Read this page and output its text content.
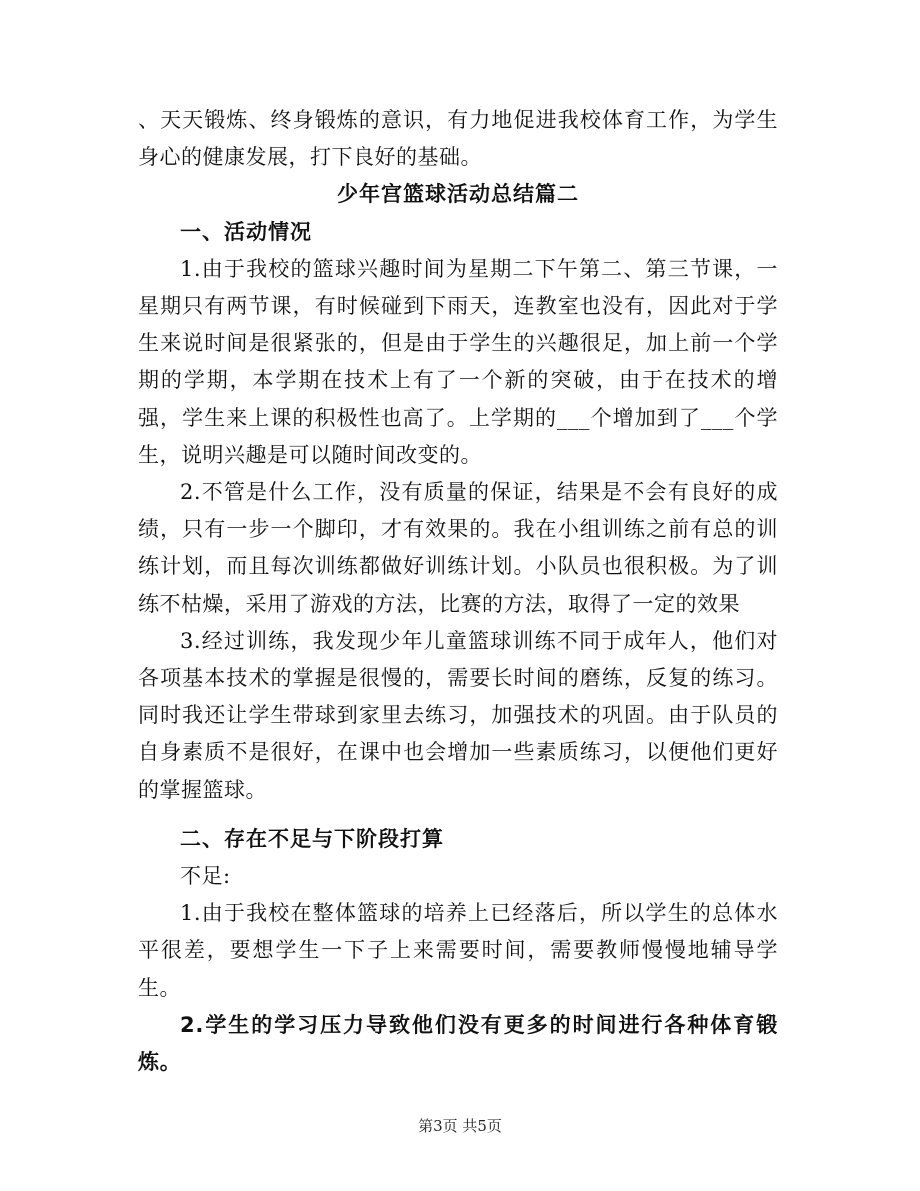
、天天锻炼、终身锻炼的意识，有力地促进我校体育工作，为学生身心的健康发展，打下良好的基础。

少年宫篮球活动总结篇二

一、活动情况

1.由于我校的篮球兴趣时间为星期二下午第二、第三节课，一星期只有两节课，有时候碰到下雨天，连教室也没有，因此对于学生来说时间是很紧张的，但是由于学生的兴趣很足，加上前一个学期的学期，本学期在技术上有了一个新的突破，由于在技术的增强，学生来上课的积极性也高了。上学期的___个增加到了___个学生，说明兴趣是可以随时间改变的。

2.不管是什么工作，没有质量的保证，结果是不会有良好的成绩，只有一步一个脚印，才有效果的。我在小组训练之前有总的训练计划，而且每次训练都做好训练计划。小队员也很积极。为了训练不枯燥，采用了游戏的方法，比赛的方法，取得了一定的效果

3.经过训练，我发现少年儿童篮球训练不同于成年人，他们对各项基本技术的掌握是很慢的，需要长时间的磨练，反复的练习。同时我还让学生带球到家里去练习，加强技术的巩固。由于队员的自身素质不是很好，在课中也会增加一些素质练习，以便他们更好的掌握篮球。

二、存在不足与下阶段打算

不足:

1.由于我校在整体篮球的培养上已经落后，所以学生的总体水平很差，要想学生一下子上来需要时间，需要教师慢慢地辅导学生。

2.学生的学习压力导致他们没有更多的时间进行各种体育锻炼。

第3页 共5页
